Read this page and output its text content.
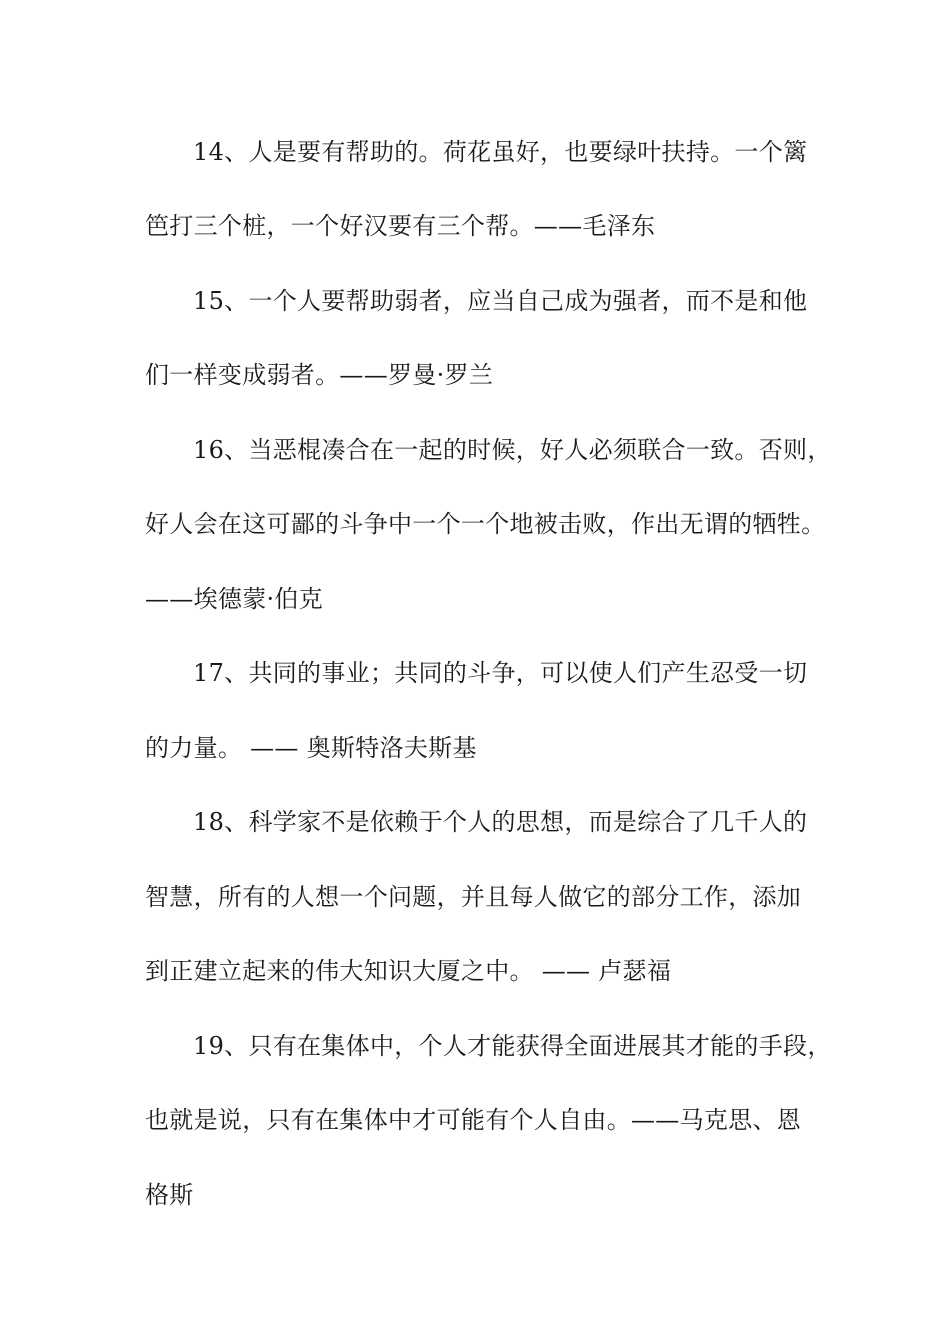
14、人是要有帮助的。荷花虽好，也要绿叶扶持。一个篱
笆打三个桩，一个好汉要有三个帮。——毛泽东
15、一个人要帮助弱者，应当自己成为强者，而不是和他
们一样变成弱者。——罗曼·罗兰
16、当恶棍凑合在一起的时候，好人必须联合一致。否则，
好人会在这可鄙的斗争中一个一个地被击败，作出无谓的牺牲。
——埃德蒙·伯克
17、共同的事业；共同的斗争，可以使人们产生忍受一切
的力量。 —— 奥斯特洛夫斯基
18、科学家不是依赖于个人的思想，而是综合了几千人的
智慧，所有的人想一个问题，并且每人做它的部分工作，添加
到正建立起来的伟大知识大厦之中。 —— 卢瑟福
19、只有在集体中，个人才能获得全面进展其才能的手段，
也就是说，只有在集体中才可能有个人自由。——马克思、恩
格斯
